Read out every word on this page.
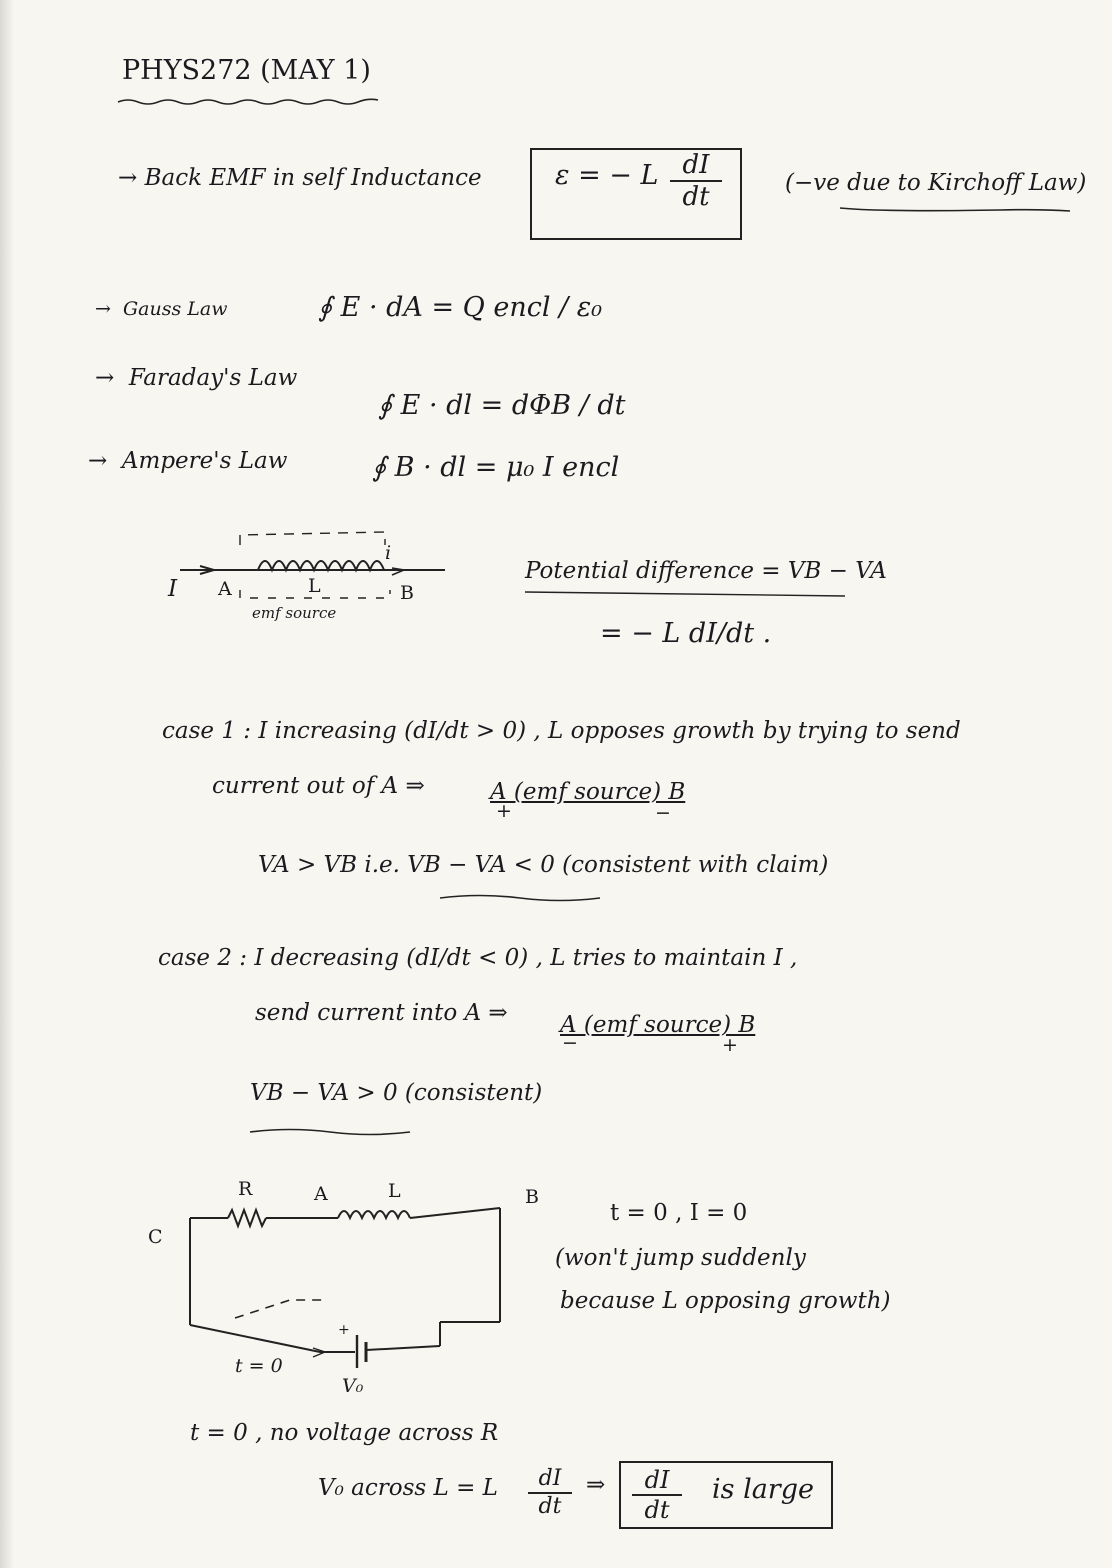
PHYS272 (MAY 1)
→ Back EMF in self Inductance	ε = − L $\frac{dI}{dt}$	(−ve due to Kirchoff Law)
→  Gauss Law	∮ E · dA = Q encl / ε₀
→  Faraday's Law
∮ E · dl = dΦB / dt
→  Ampere's Law	∮ B · dl = μ₀ I encl
I A	L	B
i
emf source
Potential difference = VB − VA
= − L dI/dt .
case 1 : I increasing (dI/dt > 0) , L opposes growth by trying to send
current out of A ⇒	A (emf source) B
+	−
VA > VB i.e. VB − VA < 0 (consistent with claim)
case 2 : I decreasing (dI/dt < 0) , L tries to maintain I ,
send current into A ⇒ A (emf source) B
−	+
VB − VA > 0 (consistent)
R	A	L	B
C
t = 0
V₀
+
t = 0 , I = 0
(won't jump suddenly
because L opposing growth)
t = 0 , no voltage across R
V₀ across L = L $\frac{dI}{dt}$ ⇒ $\frac{dI}{dt}$ is large
